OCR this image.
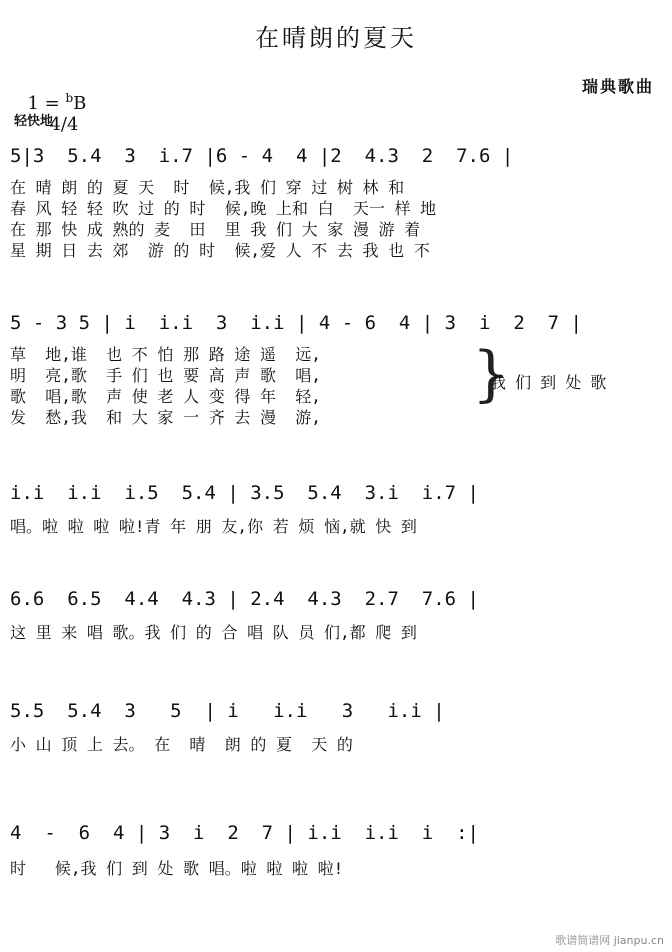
在晴朗的夏天

1 = $^b$B
4/4

瑞典歌曲
轻快地
5|3  5.4  3  i.7 |6 - 4  4 |2  4.3  2  7.6 |
在 晴 朗 的 夏 天  时  候,我 们 穿 过 树 林 和
春 风 轻 轻 吹 过 的 时  候,晚 上和 白  天一 样 地
在 那 快 成 熟的 麦  田  里 我 们 大 家 漫 游 着
星 期 日 去 郊  游 的 时  候,爱 人 不 去 我 也 不
5 - 3 5 | i  i.i  3  i.i | 4 - 6  4 | 3  i  2  7 |
草  地,谁  也 不 怕 那 路 途 遥  远,
明  亮,歌  手 们 也 要 高 声 歌  唱,
歌  唱,歌  声 使 老 人 变 得 年  轻,
发  愁,我  和 大 家 一 齐 去 漫  游,
}
我 们 到 处 歌
i.i  i.i  i.5  5.4 | 3.5  5.4  3.i  i.7 |
唱。啦 啦 啦 啦!青 年 朋 友,你 若 烦 恼,就 快 到
6.6  6.5  4.4  4.3 | 2.4  4.3  2.7  7.6 |
这 里 来 唱 歌。我 们 的 合 唱 队 员 们,都 爬 到
5.5  5.4  3   5  | i   i.i   3   i.i |
小 山 顶 上 去。 在  晴  朗 的 夏  天 的
4  -  6  4 | 3  i  2  7 | i.i  i.i  i  :|
时   候,我 们 到 处 歌 唱。啦 啦 啦 啦!
歌谱简谱网 jianpu.cn
